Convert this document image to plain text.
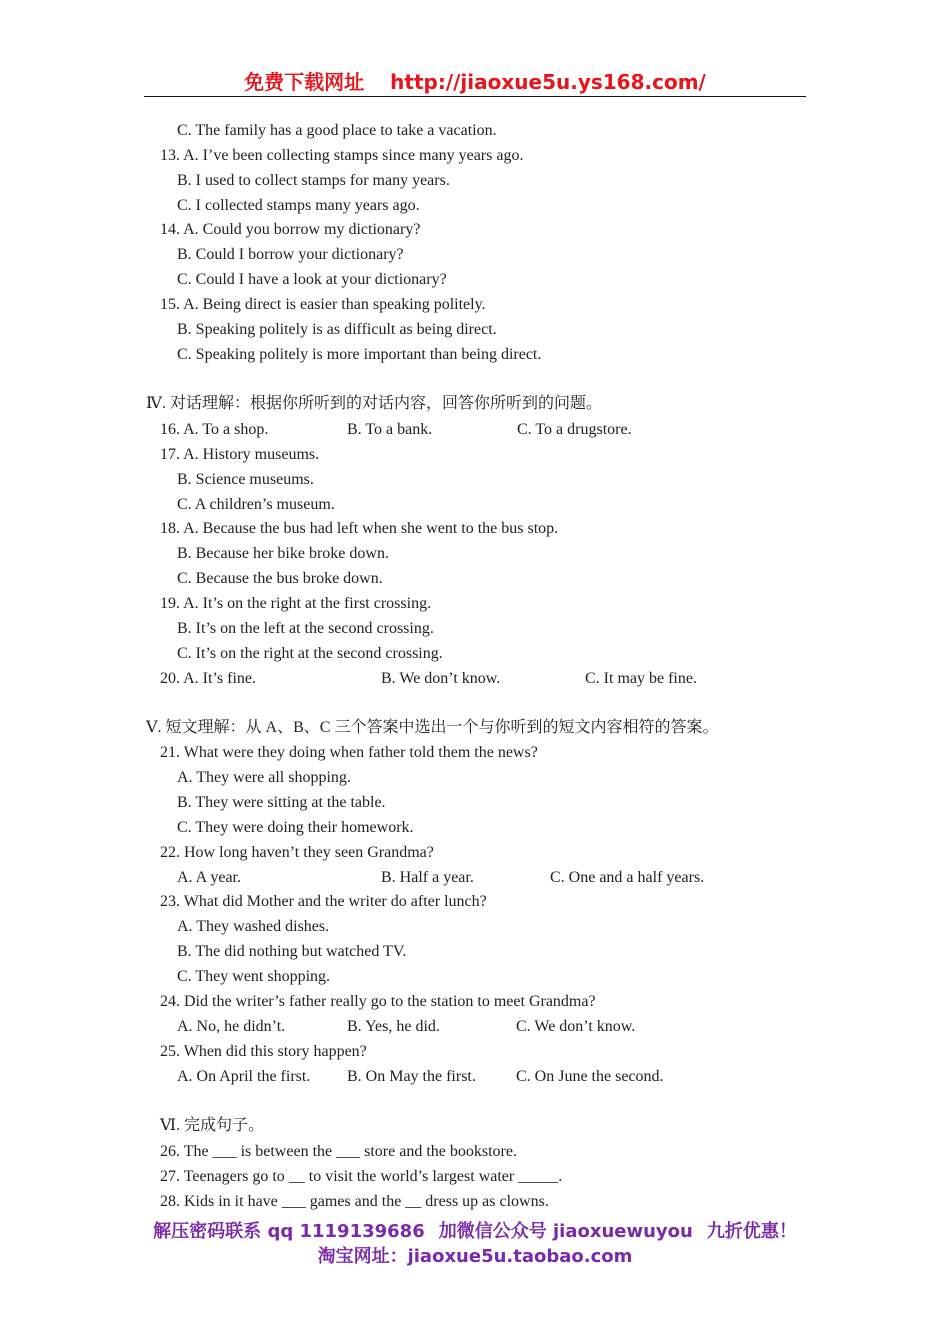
免费下载网址 http://jiaoxue5u.ys168.com/
C. The family has a good place to take a vacation.
13. A. I’ve been collecting stamps since many years ago.
B. I used to collect stamps for many years.
C. I collected stamps many years ago.
14. A. Could you borrow my dictionary?
B. Could I borrow your dictionary?
C. Could I have a look at your dictionary?
15. A. Being direct is easier than speaking politely.
B. Speaking politely is as difficult as being direct.
C. Speaking politely is more important than being direct.
Ⅳ. 对话理解：根据你所听到的对话内容，回答你所听到的问题。
16. A. To a shop.	B. To a bank.	C. To a drugstore.
17. A. History museums.
B. Science museums.
C. A children’s museum.
18. A. Because the bus had left when she went to the bus stop.
B. Because her bike broke down.
C. Because the bus broke down.
19. A. It’s on the right at the first crossing.
B. It’s on the left at the second crossing.
C. It’s on the right at the second crossing.
20. A. It’s fine.	B. We don’t know.	C. It may be fine.
Ⅴ. 短文理解：从 A、B、C 三个答案中选出一个与你听到的短文内容相符的答案。
21. What were they doing when father told them the news?
A. They were all shopping.
B. They were sitting at the table.
C. They were doing their homework.
22. How long haven’t they seen Grandma?
A. A year.	B. Half a year.	C. One and a half years.
23. What did Mother and the writer do after lunch?
A. They washed dishes.
B. The did nothing but watched TV.
C. They went shopping.
24. Did the writer’s father really go to the station to meet Grandma?
A. No, he didn’t.	B. Yes, he did.	C. We don’t know.
25. When did this story happen?
A. On April the first. B. On May the first.	C. On June the second.
Ⅵ. 完成句子。
26. The ___ is between the ___ store and the bookstore.
27. Teenagers go to __ to visit the world’s largest water _____.
28. Kids in it have ___ games and the __ dress up as clowns.
解压密码联系 qq 1119139686 加微信公众号 jiaoxuewuyou 九折优惠！
淘宝网址：jiaoxue5u.taobao.com
